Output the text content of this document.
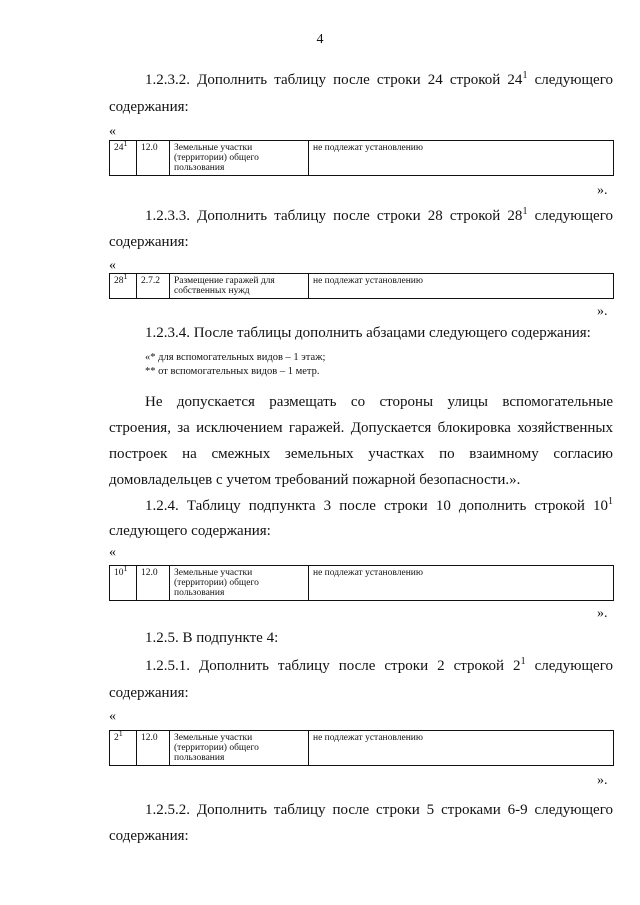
4
1.2.3.2. Дополнить таблицу после строки 24 строкой $24^1$ следующего
содержания:
«
$24^1$	12.0	Земельные участки (территории) общего пользования	не подлежат установлению
».
1.2.3.3. Дополнить таблицу после строки 28 строкой $28^1$ следующего
содержания:
«
$28^1$	2.7.2	Размещение гаражей для собственных нужд	не подлежат установлению
».
1.2.3.4. После таблицы дополнить абзацами следующего содержания:
«* для вспомогательных видов – 1 этаж;
** от вспомогательных видов – 1 метр.
Не допускается размещать со стороны улицы вспомогательные
строения, за исключением гаражей. Допускается блокировка хозяйственных
построек на смежных земельных участках по взаимному согласию
домовладельцев с учетом требований пожарной безопасности.».
1.2.4. Таблицу подпункта 3 после строки 10 дополнить строкой $10^1$
следующего содержания:
«
$10^1$	12.0	Земельные участки (территории) общего пользования	не подлежат установлению
».
1.2.5. В подпункте 4:
1.2.5.1. Дополнить таблицу после строки 2 строкой $2^1$ следующего
содержания:
«
$2^1$	12.0	Земельные участки (территории) общего пользования	не подлежат установлению
».
1.2.5.2. Дополнить таблицу после строки 5 строками 6-9 следующего
содержания:
